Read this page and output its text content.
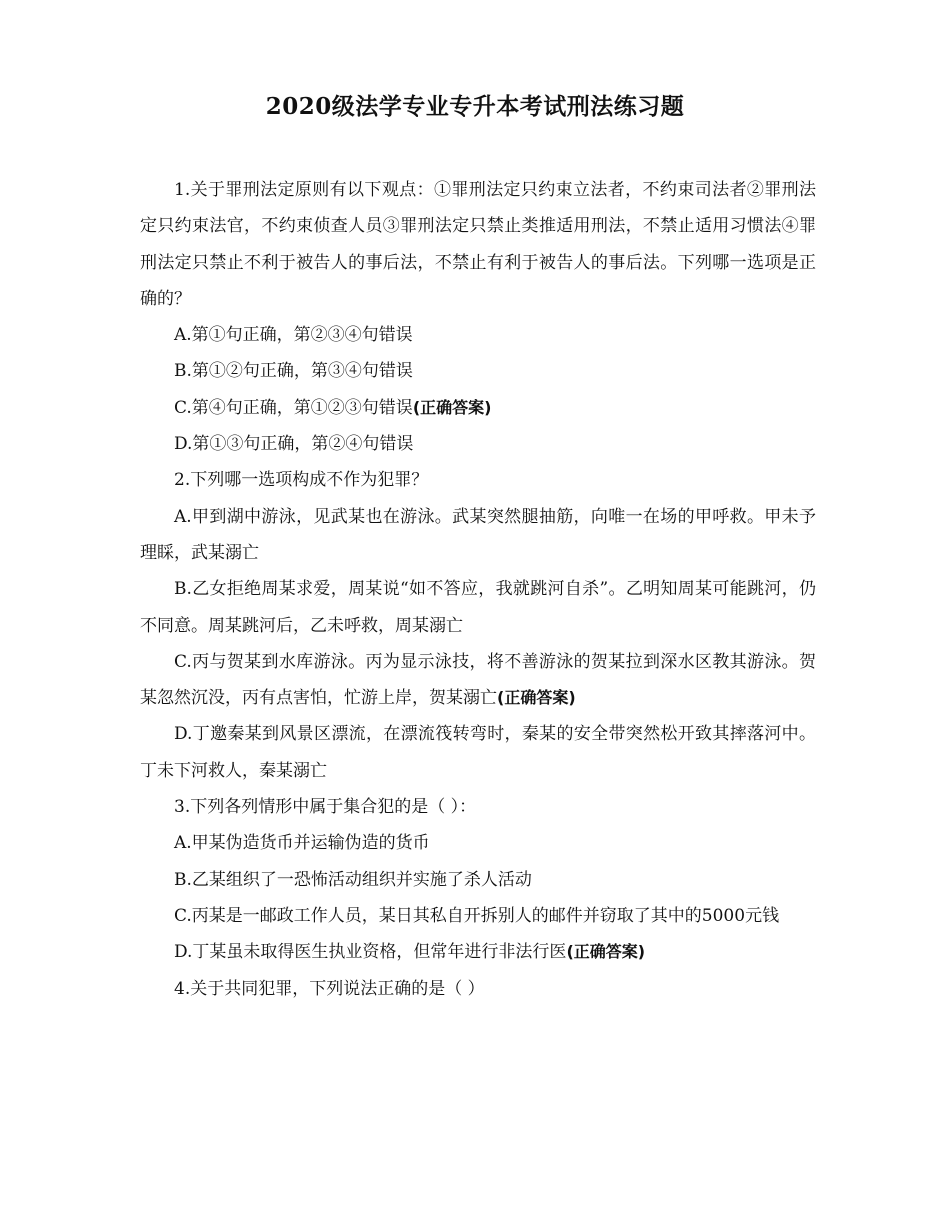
2020级法学专业专升本考试刑法练习题

1.关于罪刑法定原则有以下观点：①罪刑法定只约束立法者，不约束司法者②罪刑法定只约束法官，不约束侦查人员③罪刑法定只禁止类推适用刑法，不禁止适用习惯法④罪刑法定只禁止不利于被告人的事后法，不禁止有利于被告人的事后法。下列哪一选项是正确的？

A.第①句正确，第②③④句错误

B.第①②句正确，第③④句错误

C.第④句正确，第①②③句错误(正确答案)

D.第①③句正确，第②④句错误

2.下列哪一选项构成不作为犯罪？

A.甲到湖中游泳，见武某也在游泳。武某突然腿抽筋，向唯一在场的甲呼救。甲未予理睬，武某溺亡

B.乙女拒绝周某求爱，周某说“如不答应，我就跳河自杀”。乙明知周某可能跳河，仍不同意。周某跳河后，乙未呼救，周某溺亡

C.丙与贺某到水库游泳。丙为显示泳技，将不善游泳的贺某拉到深水区教其游泳。贺某忽然沉没，丙有点害怕，忙游上岸，贺某溺亡(正确答案)

D.丁邀秦某到风景区漂流，在漂流筏转弯时，秦某的安全带突然松开致其摔落河中。丁未下河救人，秦某溺亡

3.下列各列情形中属于集合犯的是（ ）：

A.甲某伪造货币并运输伪造的货币

B.乙某组织了一恐怖活动组织并实施了杀人活动

C.丙某是一邮政工作人员，某日其私自开拆别人的邮件并窃取了其中的5000元钱

D.丁某虽未取得医生执业资格，但常年进行非法行医(正确答案)

4.关于共同犯罪，下列说法正确的是（ ）
